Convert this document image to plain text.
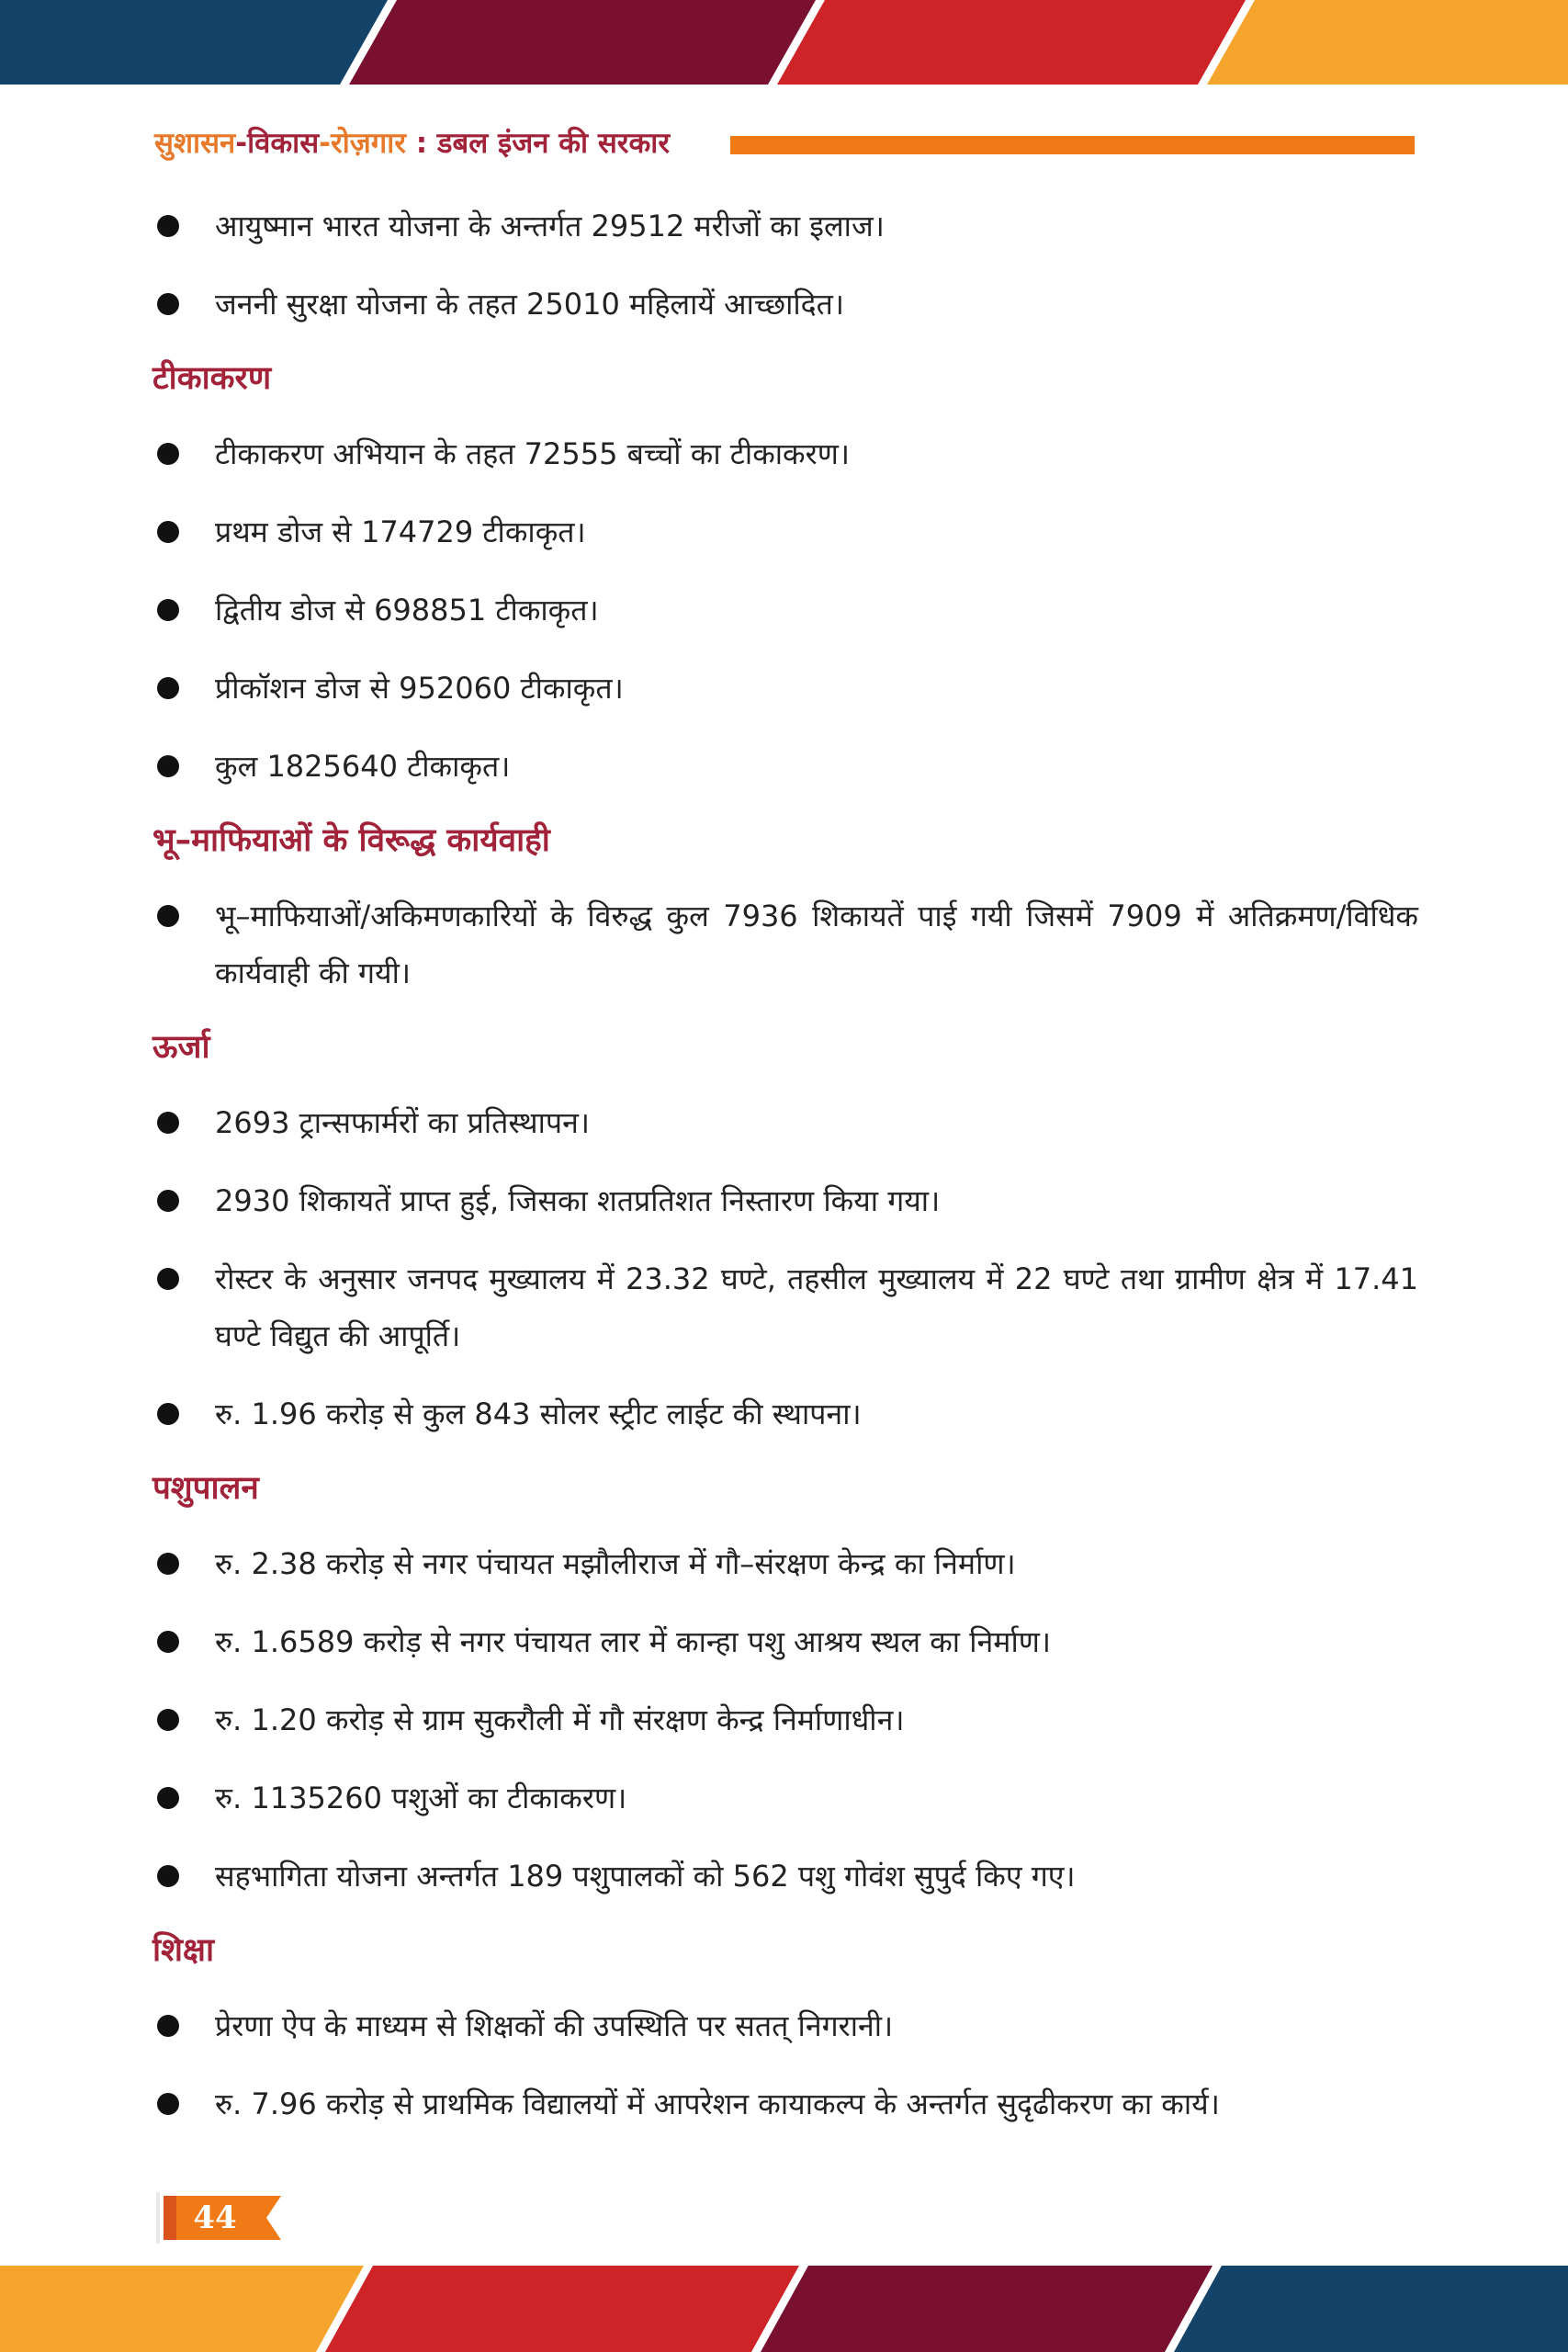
सुशासन-विकास-रोज़गार : डबल इंजन की सरकार
आयुष्मान भारत योजना के अन्तर्गत 29512 मरीजों का इलाज।
जननी सुरक्षा योजना के तहत 25010 महिलायें आच्छादित।
टीकाकरण
टीकाकरण अभियान के तहत 72555 बच्चों का टीकाकरण।
प्रथम डोज से 174729 टीकाकृत।
द्वितीय डोज से 698851 टीकाकृत।
प्रीकॉशन डोज से 952060 टीकाकृत।
कुल 1825640 टीकाकृत।
भू–माफियाओं के विरूद्ध कार्यवाही
भू–माफियाओं/अकिमणकारियों के विरुद्ध कुल 7936 शिकायतें पाई गयी जिसमें 7909 में अतिक्रमण/विधिक कार्यवाही की गयी।
ऊर्जा
2693 ट्रान्सफार्मरों का प्रतिस्थापन।
2930 शिकायतें प्राप्त हुई, जिसका शतप्रतिशत निस्तारण किया गया।
रोस्टर के अनुसार जनपद मुख्यालय में 23.32 घण्टे, तहसील मुख्यालय में 22 घण्टे तथा ग्रामीण क्षेत्र में 17.41 घण्टे विद्युत की आपूर्ति।
रु. 1.96 करोड़ से कुल 843 सोलर स्ट्रीट लाईट की स्थापना।
पशुपालन
रु. 2.38 करोड़ से नगर पंचायत मझौलीराज में गौ–संरक्षण केन्द्र का निर्माण।
रु. 1.6589 करोड़ से नगर पंचायत लार में कान्हा पशु आश्रय स्थल का निर्माण।
रु. 1.20 करोड़ से ग्राम सुकरौली में गौ संरक्षण केन्द्र निर्माणाधीन।
रु. 1135260 पशुओं का टीकाकरण।
सहभागिता योजना अन्तर्गत 189 पशुपालकों को 562 पशु गोवंश सुपुर्द किए गए।
शिक्षा
प्रेरणा ऐप के माध्यम से शिक्षकों की उपस्थिति पर सतत् निगरानी।
रु. 7.96 करोड़ से प्राथमिक विद्यालयों में आपरेशन कायाकल्प के अन्तर्गत सुदृढीकरण का कार्य।
44
